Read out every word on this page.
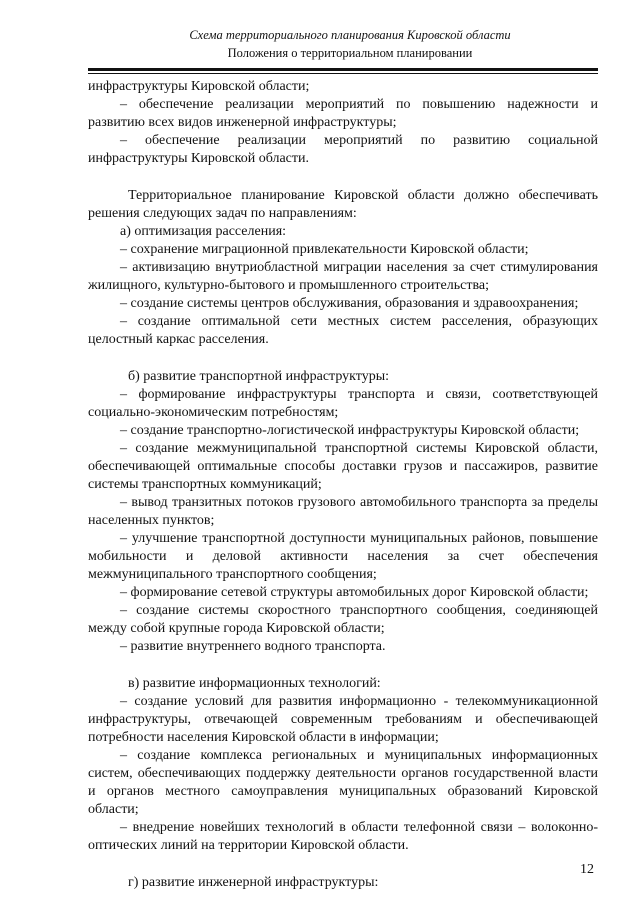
Схема территориального планирования Кировской области
Положения о территориальном планировании

инфраструктуры Кировской области;

– обеспечение реализации мероприятий по повышению надежности и развитию всех видов инженерной инфраструктуры;

– обеспечение реализации мероприятий по развитию социальной инфраструктуры Кировской области.

Территориальное планирование Кировской области должно обеспечивать решения следующих задач по направлениям:

а) оптимизация расселения:

– сохранение миграционной привлекательности Кировской области;

– активизацию внутриобластной миграции населения за счет стимулирования жилищного, культурно-бытового и промышленного строительства;

– создание системы центров обслуживания, образования и здравоохранения;

– создание оптимальной сети местных систем расселения, образующих целостный каркас расселения.

б) развитие транспортной инфраструктуры:

– формирование инфраструктуры транспорта и связи, соответствующей социально-экономическим потребностям;

– создание транспортно-логистической инфраструктуры Кировской области;

– создание межмуниципальной транспортной системы Кировской области, обеспечивающей оптимальные способы доставки грузов и пассажиров, развитие системы транспортных коммуникаций;

– вывод транзитных потоков грузового автомобильного транспорта за пределы населенных пунктов;

– улучшение транспортной доступности муниципальных районов, повышение мобильности и деловой активности населения за счет обеспечения межмуниципального транспортного сообщения;

– формирование сетевой структуры автомобильных дорог Кировской области;

– создание системы скоростного транспортного сообщения, соединяющей между собой крупные города Кировской области;

– развитие внутреннего водного транспорта.

в) развитие информационных технологий:

– создание условий для развития информационно - телекоммуникационной инфраструктуры, отвечающей современным требованиям и обеспечивающей потребности населения Кировской области в информации;

– создание комплекса региональных и муниципальных информационных систем, обеспечивающих поддержку деятельности органов государственной власти и органов местного самоуправления муниципальных образований Кировской области;

– внедрение новейших технологий в области телефонной связи – волоконно-оптических линий на территории Кировской области.

г) развитие инженерной инфраструктуры:

12
